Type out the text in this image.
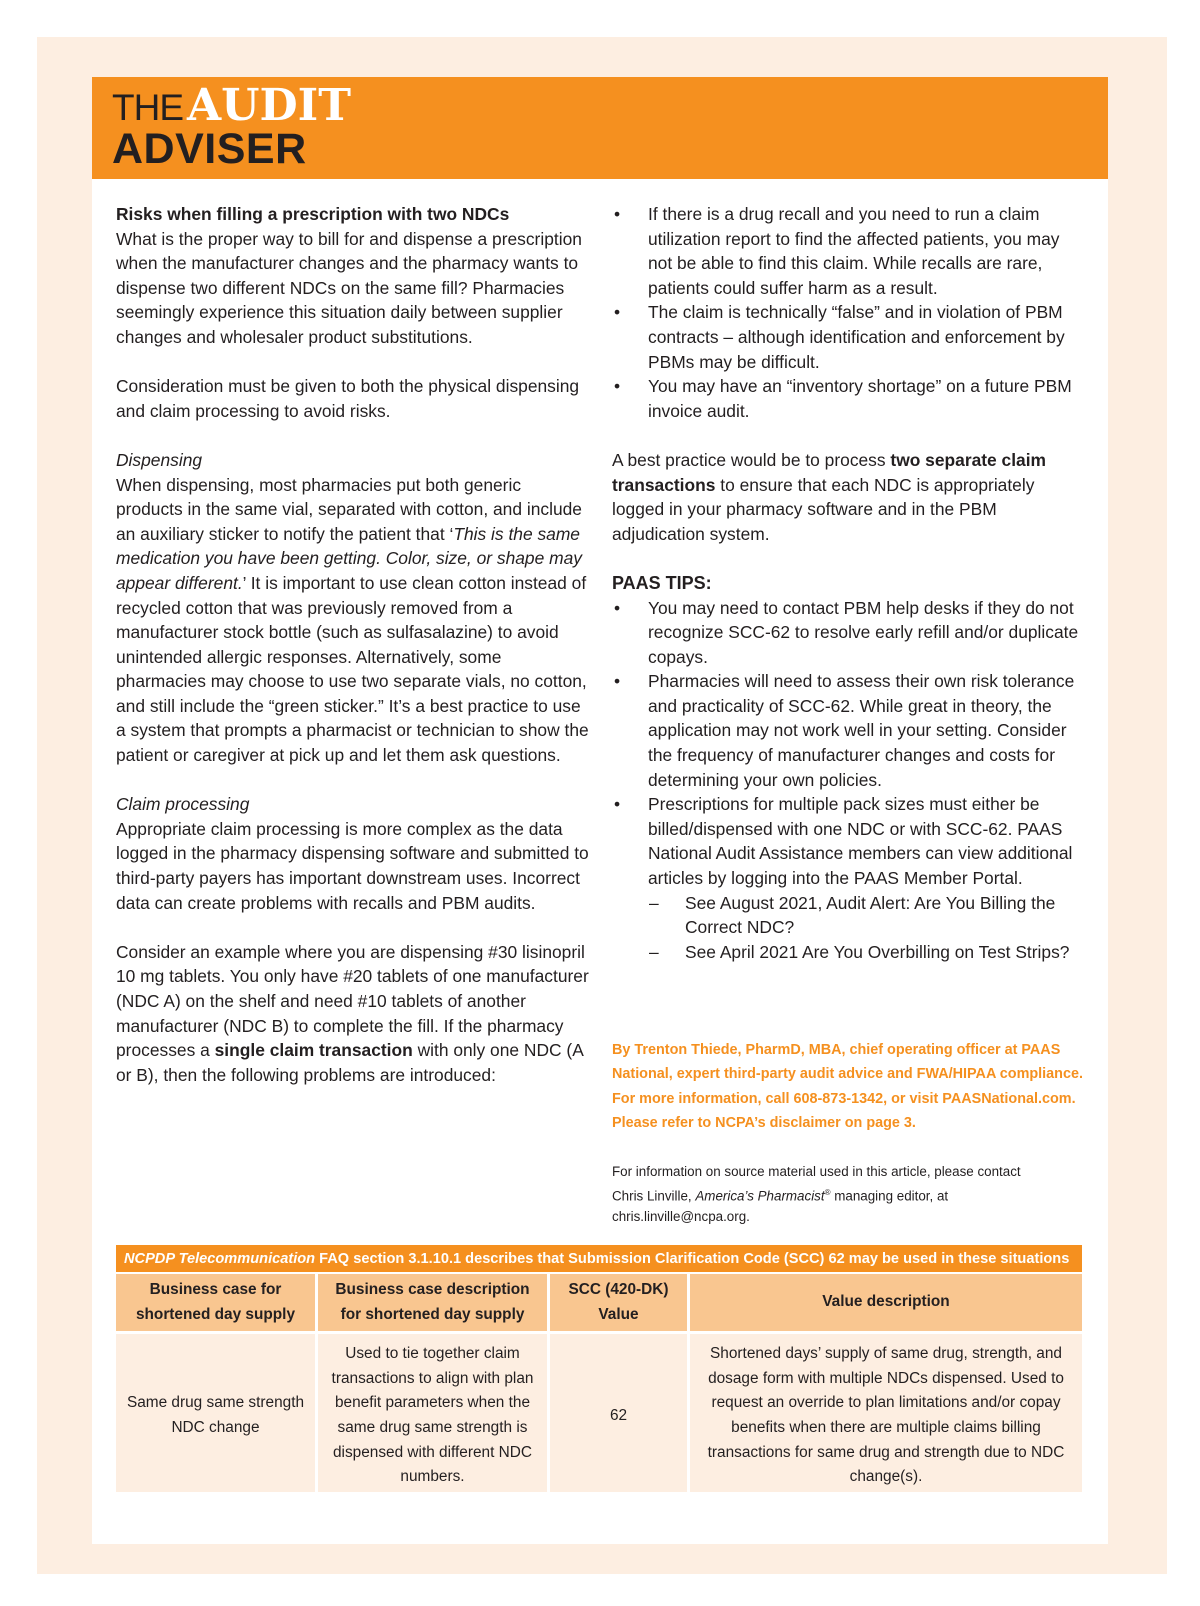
THE AUDIT
ADVISER

Risks when filling a prescription with two NDCs

What is the proper way to bill for and dispense a prescription when the manufacturer changes and the pharmacy wants to dispense two different NDCs on the same fill? Pharmacies seemingly experience this situation daily between supplier changes and wholesaler product substitutions.

Consideration must be given to both the physical dispensing and claim processing to avoid risks.

Dispensing

When dispensing, most pharmacies put both generic products in the same vial, separated with cotton, and include an auxiliary sticker to notify the patient that ‘This is the same medication you have been getting. Color, size, or shape may appear different.’ It is important to use clean cotton instead of recycled cotton that was previously removed from a manufacturer stock bottle (such as sulfasalazine) to avoid unintended allergic responses. Alternatively, some pharmacies may choose to use two separate vials, no cotton, and still include the “green sticker.” It’s a best practice to use a system that prompts a pharmacist or technician to show the patient or caregiver at pick up and let them ask questions.

Claim processing

Appropriate claim processing is more complex as the data logged in the pharmacy dispensing software and submitted to third-party payers has important downstream uses. Incorrect data can create problems with recalls and PBM audits.

Consider an example where you are dispensing #30 lisinopril 10 mg tablets. You only have #20 tablets of one manufacturer (NDC A) on the shelf and need #10 tablets of another manufacturer (NDC B) to complete the fill. If the pharmacy processes a single claim transaction with only one NDC (A or B), then the following problems are introduced:

• If there is a drug recall and you need to run a claim utilization report to find the affected patients, you may not be able to find this claim. While recalls are rare, patients could suffer harm as a result.
• The claim is technically “false” and in violation of PBM contracts – although identification and enforcement by PBMs may be difficult.
• You may have an “inventory shortage” on a future PBM invoice audit.

A best practice would be to process two separate claim transactions to ensure that each NDC is appropriately logged in your pharmacy software and in the PBM adjudication system.

PAAS TIPS:

• You may need to contact PBM help desks if they do not recognize SCC-62 to resolve early refill and/or duplicate copays.
• Pharmacies will need to assess their own risk tolerance and practicality of SCC-62. While great in theory, the application may not work well in your setting. Consider the frequency of manufacturer changes and costs for determining your own policies.
• Prescriptions for multiple pack sizes must either be billed/dispensed with one NDC or with SCC-62. PAAS National Audit Assistance members can view additional articles by logging into the PAAS Member Portal.
– See August 2021, Audit Alert: Are You Billing the Correct NDC?
– See April 2021 Are You Overbilling on Test Strips?

By Trenton Thiede, PharmD, MBA, chief operating officer at PAAS National, expert third-party audit advice and FWA/HIPAA compliance. For more information, call 608-873-1342, or visit PAASNational.com. Please refer to NCPA’s disclaimer on page 3.

For information on source material used in this article, please contact Chris Linville, America’s Pharmacist® managing editor, at chris.linville@ncpa.org.

NCPDP Telecommunication FAQ section 3.1.10.1 describes that Submission Clarification Code (SCC) 62 may be used in these situations
Business case for shortened day supply	Business case description for shortened day supply	SCC (420-DK) Value	Value description
Same drug same strength NDC change	Used to tie together claim transactions to align with plan benefit parameters when the same drug same strength is dispensed with different NDC numbers.	62	Shortened days’ supply of same drug, strength, and dosage form with multiple NDCs dispensed. Used to request an override to plan limitations and/or copay benefits when there are multiple claims billing transactions for same drug and strength due to NDC change(s).
